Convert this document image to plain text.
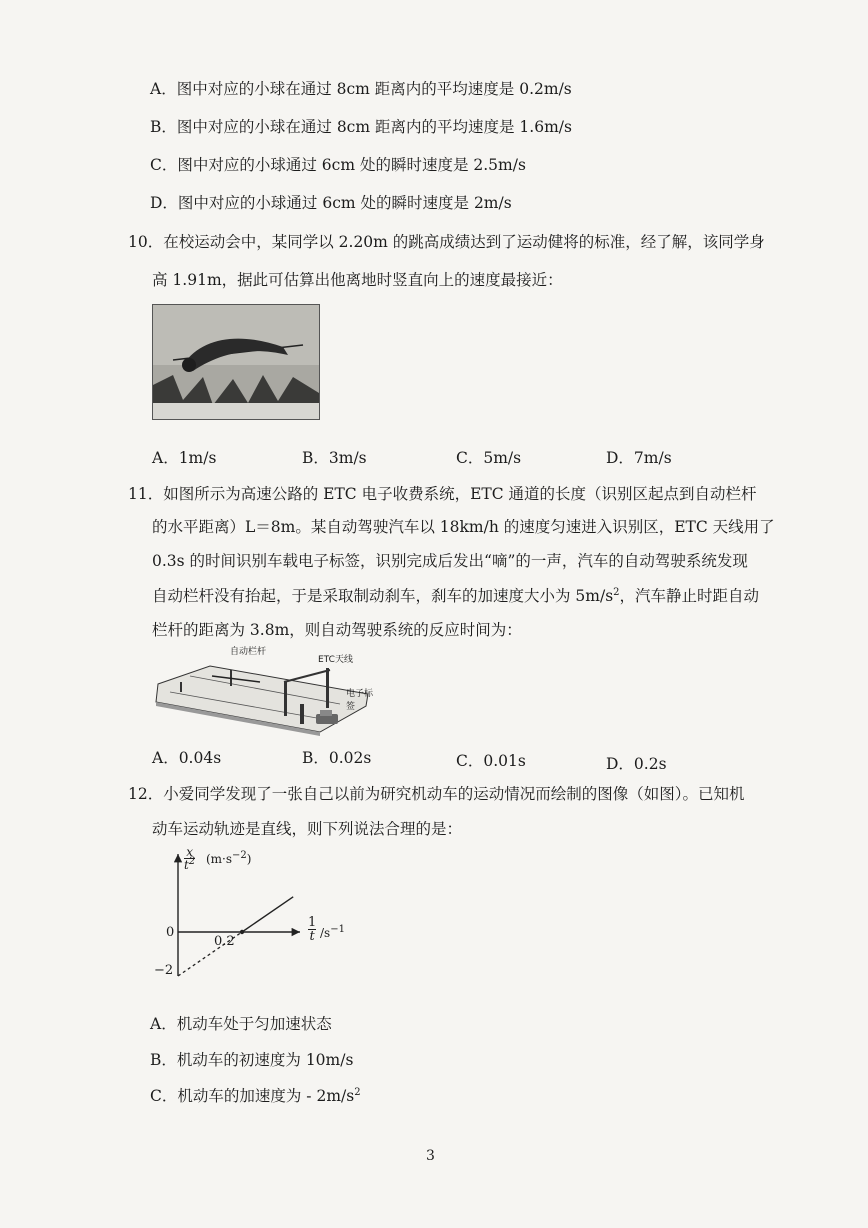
A．图中对应的小球在通过 8cm 距离内的平均速度是 0.2m/s
B．图中对应的小球在通过 8cm 距离内的平均速度是 1.6m/s
C．图中对应的小球通过 6cm 处的瞬时速度是 2.5m/s
D．图中对应的小球通过 6cm 处的瞬时速度是 2m/s
10．在校运动会中，某同学以 2.20m 的跳高成绩达到了运动健将的标准，经了解，该同学身
高 1.91m，据此可估算出他离地时竖直向上的速度最接近：
A．1m/s	B．3m/s	C．5m/s	D．7m/s
11．如图所示为高速公路的 ETC 电子收费系统，ETC 通道的长度（识别区起点到自动栏杆
的水平距离）L＝8m。某自动驾驶汽车以 18km/h 的速度匀速进入识别区，ETC 天线用了
0.3s 的时间识别车载电子标签，识别完成后发出“嘀”的一声，汽车的自动驾驶系统发现
自动栏杆没有抬起，于是采取制动刹车，刹车的加速度大小为 $5m/s^2$，汽车静止时距自动
栏杆的距离为 3.8m，则自动驾驶系统的反应时间为：
自动栏杆
ETC天线
电子标签
A．0.04s	B．0.02s	C．0.01s	D．0.2s
12．小爱同学发现了一张自己以前为研究机动车的运动情况而绘制的图像（如图）。已知机
动车运动轨迹是直线，则下列说法合理的是：
x
$t^2$ $(m\cdot s^{-2})$
1
t $/s^{-1}$
0
0.2
−2
A．机动车处于匀加速状态
B．机动车的初速度为 10m/s
C．机动车的加速度为 - $2m/s^2$
3
